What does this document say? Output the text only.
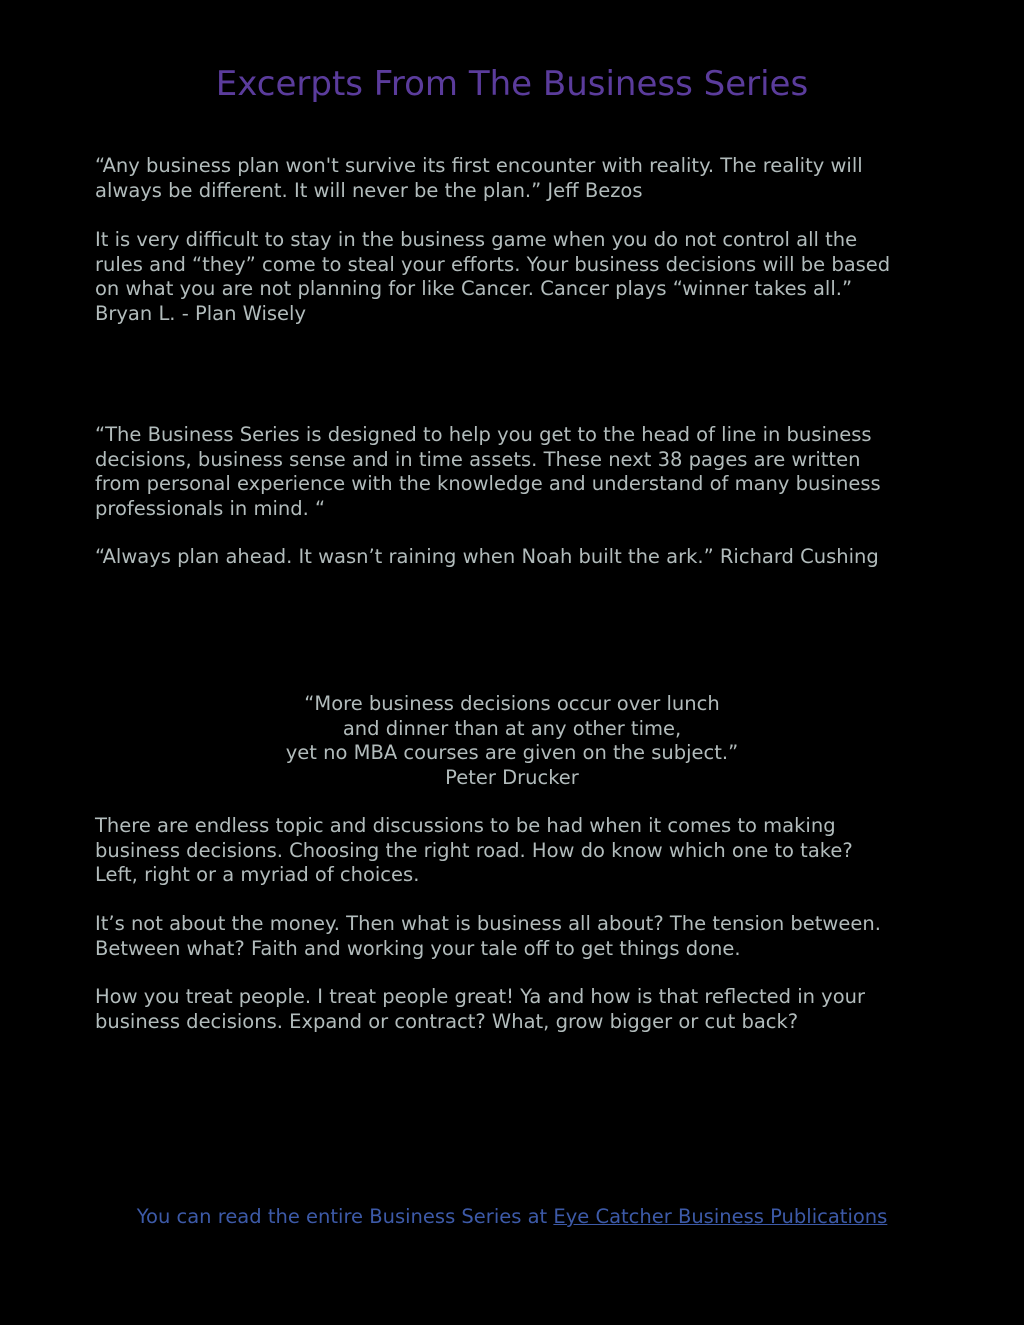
Excerpts From The Business Series

“Any business plan won't survive its first encounter with reality. The reality will
always be different. It will never be the plan.” Jeff Bezos

It is very difficult to stay in the business game when you do not control all the
rules and “they” come to steal your efforts. Your business decisions will be based
on what you are not planning for like Cancer. Cancer plays “winner takes all.”
Bryan L. - Plan Wisely

“The Business Series is designed to help you get to the head of line in business
decisions, business sense and in time assets. These next 38 pages are written
from personal experience with the knowledge and understand of many business
professionals in mind. “

“Always plan ahead. It wasn’t raining when Noah built the ark.” Richard Cushing

“More business decisions occur over lunch
and dinner than at any other time,
yet no MBA courses are given on the subject.”
Peter Drucker

There are endless topic and discussions to be had when it comes to making
business decisions. Choosing the right road. How do know which one to take?
Left, right or a myriad of choices.

It’s not about the money. Then what is business all about? The tension between.
Between what? Faith and working your tale off to get things done.

How you treat people. I treat people great! Ya and how is that reflected in your
business decisions. Expand or contract? What, grow bigger or cut back?

You can read the entire Business Series at Eye Catcher Business Publications
